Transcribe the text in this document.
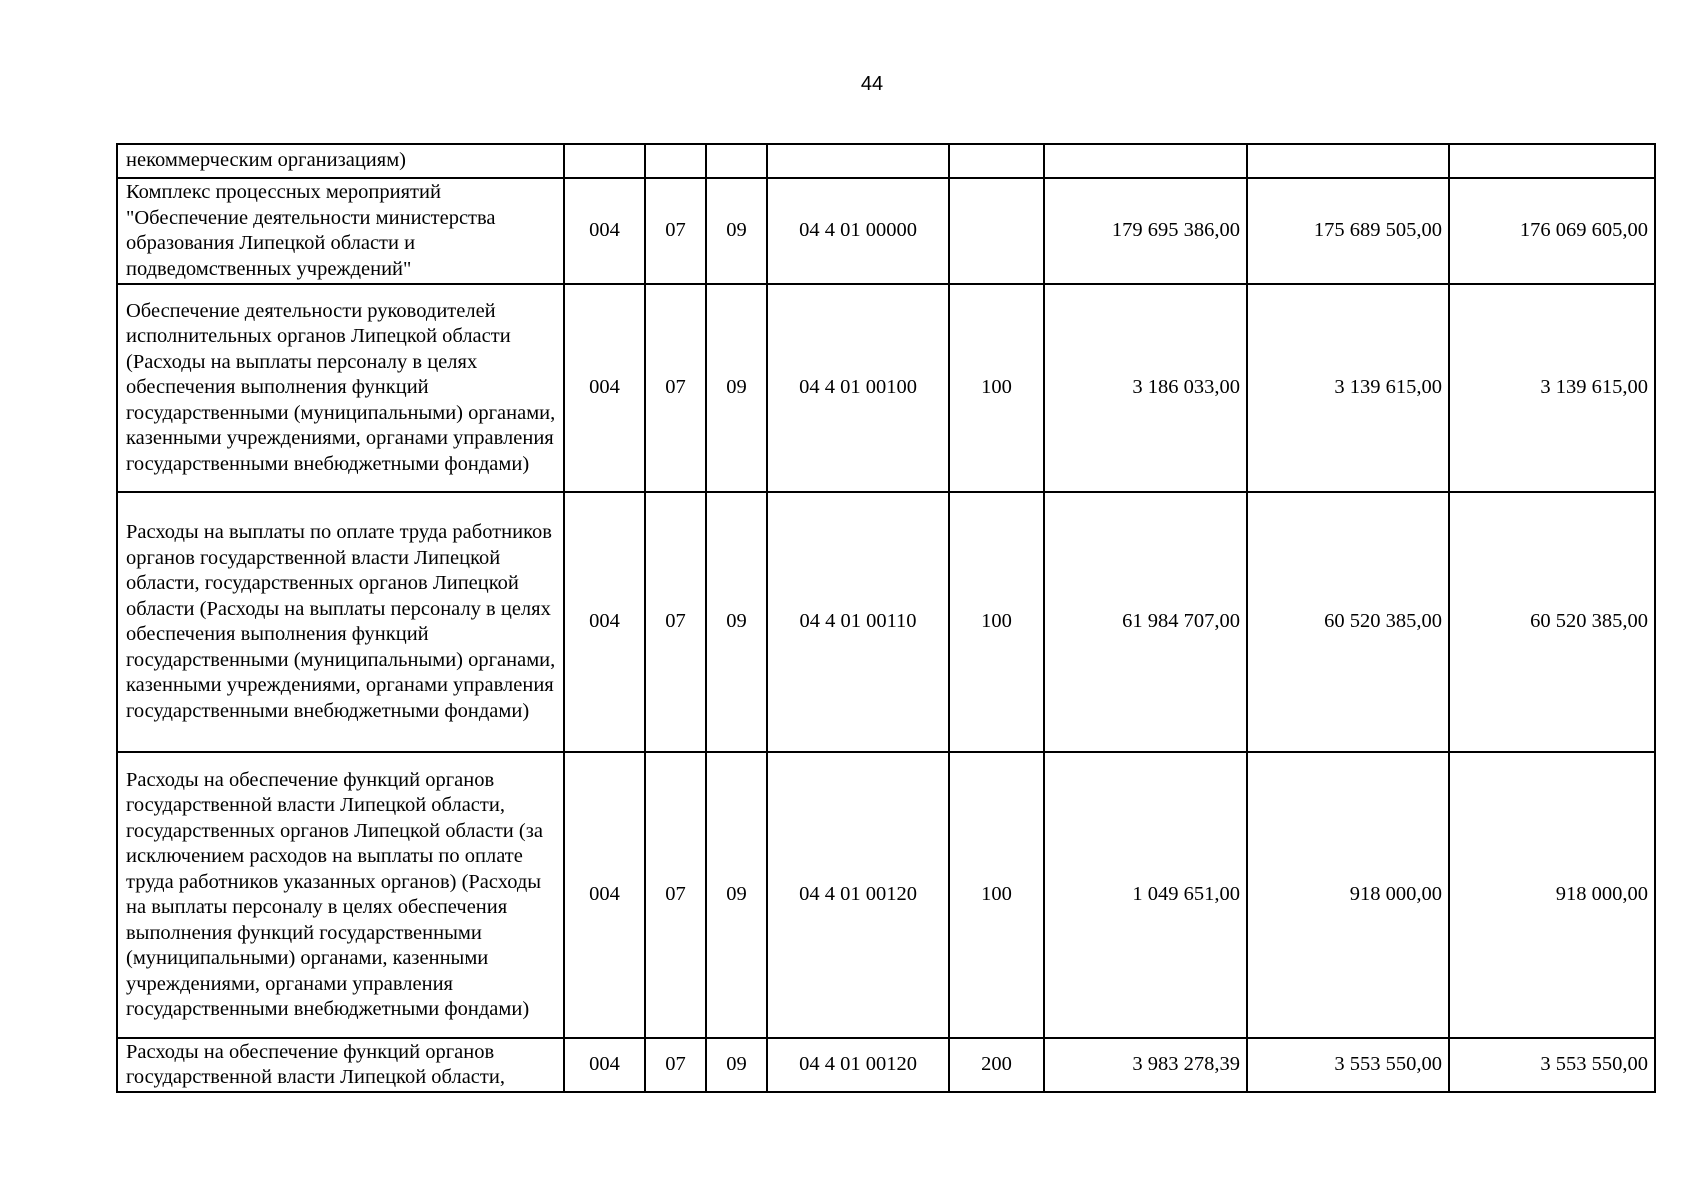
44
некоммерческим организациям)								
Комплекс процессных мероприятий "Обеспечение деятельности министерства образования Липецкой области и подведомственных учреждений"	004	07	09	04 4 01 00000		179 695 386,00	175 689 505,00	176 069 605,00
Обеспечение деятельности руководителей исполнительных органов Липецкой области (Расходы на выплаты персоналу в целях обеспечения выполнения функций государственными (муниципальными) органами, казенными учреждениями, органами управления государственными внебюджетными фондами)	004	07	09	04 4 01 00100	100	3 186 033,00	3 139 615,00	3 139 615,00
Расходы на выплаты по оплате труда работников органов государственной власти Липецкой области, государственных органов Липецкой области (Расходы на выплаты персоналу в целях обеспечения выполнения функций государственными (муниципальными) органами, казенными учреждениями, органами управления государственными внебюджетными фондами)	004	07	09	04 4 01 00110	100	61 984 707,00	60 520 385,00	60 520 385,00
Расходы на обеспечение функций органов государственной власти Липецкой области, государственных органов Липецкой области (за исключением расходов на выплаты по оплате труда работников указанных органов) (Расходы на выплаты персоналу в целях обеспечения выполнения функций государственными (муниципальными) органами, казенными учреждениями, органами управления государственными внебюджетными фондами)	004	07	09	04 4 01 00120	100	1 049 651,00	918 000,00	918 000,00
Расходы на обеспечение функций органов государственной власти Липецкой области,	004	07	09	04 4 01 00120	200	3 983 278,39	3 553 550,00	3 553 550,00
